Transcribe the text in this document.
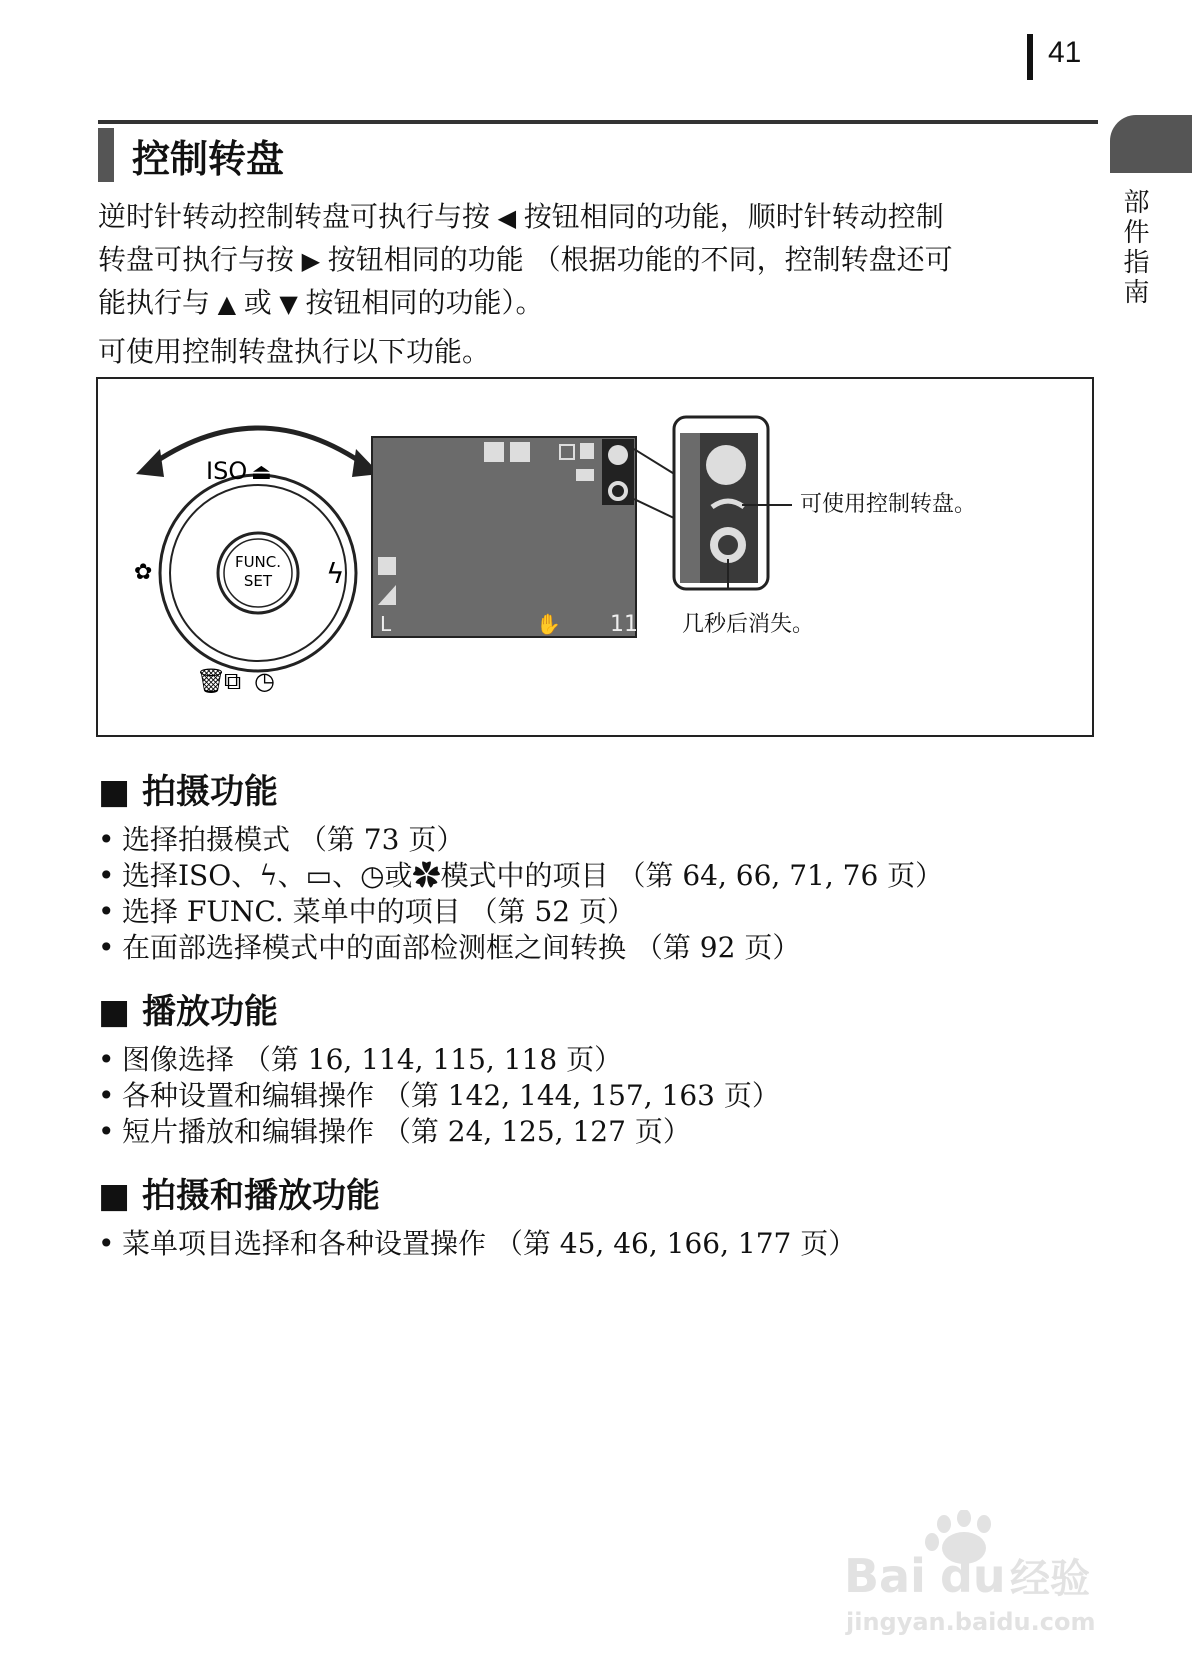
41
部件指南
控制转盘

逆时针转动控制转盘可执行与按 ◀ 按钮相同的功能，顺时针转动控制

转盘可执行与按 ▶ 按钮相同的功能 （根据功能的不同，控制转盘还可

能执行与 ▲ 或 ▼ 按钮相同的功能）。

可使用控制转盘执行以下功能。

FUNC.
SET
ISO ⏏
ϟ
✿
🗑
⧉ ◷
L	✋ 11
可使用控制转盘。
几秒后消失。
■ 拍摄功能
• 选择拍摄模式 （第 73 页）
• 选择ISO、ϟ、▭、◷或✿模式中的项目 （第 64, 66, 71, 76 页）
• 选择 FUNC. 菜单中的项目 （第 52 页）
• 在面部选择模式中的面部检测框之间转换 （第 92 页）
■ 播放功能
• 图像选择 （第 16, 114, 115, 118 页）
• 各种设置和编辑操作 （第 142, 144, 157, 163 页）
• 短片播放和编辑操作 （第 24, 125, 127 页）
■ 拍摄和播放功能
• 菜单项目选择和各种设置操作 （第 45, 46, 166, 177 页）
Bai du 经验
jingyan.baidu.com
